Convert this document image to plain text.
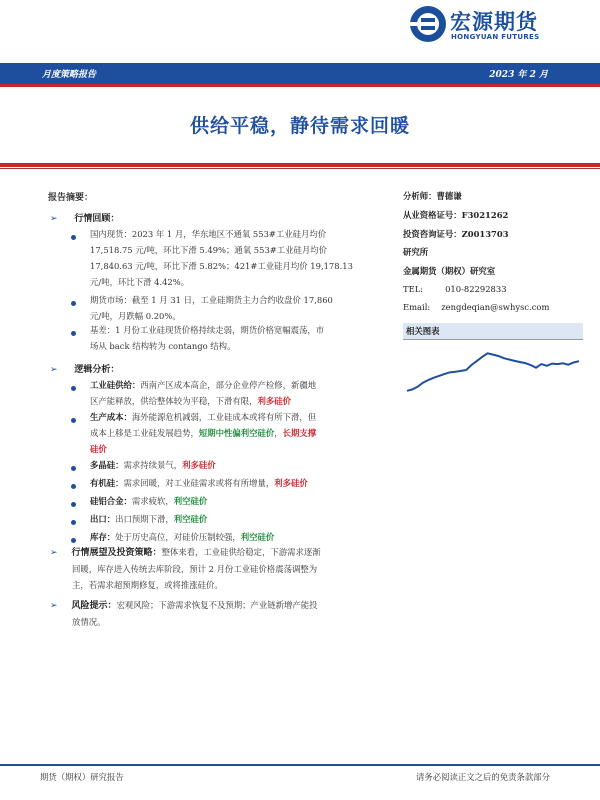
宏源期货
HONGYUAN FUTURES
月度策略报告	2023 年 2 月
供给平稳，静待需求回暖
报告摘要：
➢ 行情回顾：
国内现货：2023 年 1 月，华东地区不通氧 553#工业硅月均价
17,518.75 元/吨，环比下滑 5.49%；通氧 553#工业硅月均价
17,840.63 元/吨，环比下滑 5.82%；421#工业硅月均价 19,178.13
元/吨，环比下滑 4.42%。
期货市场：截至 1 月 31 日，工业硅期货主力合约收盘价 17,860
元/吨，月跌幅 0.20%。
基差：1 月份工业硅现货价格持续走弱，期货价格宽幅震荡，市
场从 back 结构转为 contango 结构。
➢ 逻辑分析：
工业硅供给：西南产区成本高企，部分企业停产检修，新疆地
区产能释放，供给整体较为平稳，下滑有限，利多硅价
生产成本：海外能源危机减弱，工业硅成本或将有所下滑，但
成本上移是工业硅发展趋势，短期中性偏利空硅价，长期支撑
硅价
多晶硅：需求持续景气，利多硅价
有机硅：需求回暖，对工业硅需求或将有所增量，利多硅价
硅铝合金：需求疲软，利空硅价
出口：出口预期下滑，利空硅价
库存：处于历史高位，对硅价压制较强，利空硅价
➢ 行情展望及投资策略：整体来看，工业硅供给稳定，下游需求逐渐
回暖，库存进入传统去库阶段，预计 2 月份工业硅价格震荡调整为
主，若需求超预期修复，或将推涨硅价。
➢ 风险提示：宏观风险；下游需求恢复不及预期；产业链新增产能投
放情况。
分析师：曹德谦
从业资格证号：F3021262
投资咨询证号：Z0013703
研究所
金属期货（期权）研究室
TEL:	010-82292833
Email: zengdeqian@swhysc.com
相关图表
期货（期权）研究报告	请务必阅读正文之后的免责条款部分
